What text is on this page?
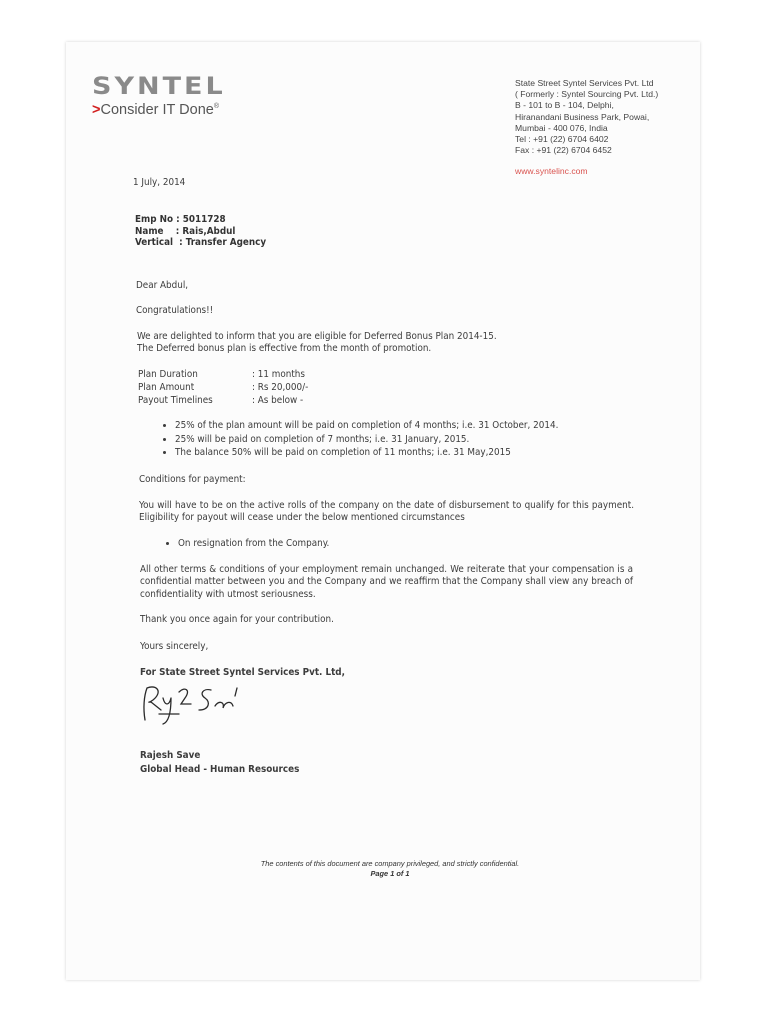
SYNTEL
>Consider IT Done®
State Street Syntel Services Pvt. Ltd
( Formerly : Syntel Sourcing Pvt. Ltd.)
B - 101 to B - 104, Delphi,
Hiranandani Business Park, Powai,
Mumbai - 400 076, India
Tel : +91 (22) 6704 6402
Fax : +91 (22) 6704 6452
www.syntelinc.com
1 July, 2014
Emp No : 5011728
Name    : Rais,Abdul
Vertical  : Transfer Agency
Dear Abdul,
Congratulations!!
We are delighted to inform that you are eligible for Deferred Bonus Plan 2014-15.
The Deferred bonus plan is effective from the month of promotion.
Plan Duration	: 11 months
Plan Amount	: Rs 20,000/-
Payout Timelines	: As below -
• 25% of the plan amount will be paid on completion of 4 months; i.e. 31 October, 2014.
• 25% will be paid on completion of 7 months; i.e. 31 January, 2015.
• The balance 50% will be paid on completion of 11 months; i.e. 31 May,2015
Conditions for payment:
You will have to be on the active rolls of the company on the date of disbursement to qualify for this payment. Eligibility for payout will cease under the below mentioned circumstances
• On resignation from the Company.
All other terms & conditions of your employment remain unchanged. We reiterate that your compensation is a confidential matter between you and the Company and we reaffirm that the Company shall view any breach of confidentiality with utmost seriousness.
Thank you once again for your contribution.
Yours sincerely,
For State Street Syntel Services Pvt. Ltd,
Rajesh Save
Global Head - Human Resources
The contents of this document are company privileged, and strictly confidential.
Page 1 of 1
